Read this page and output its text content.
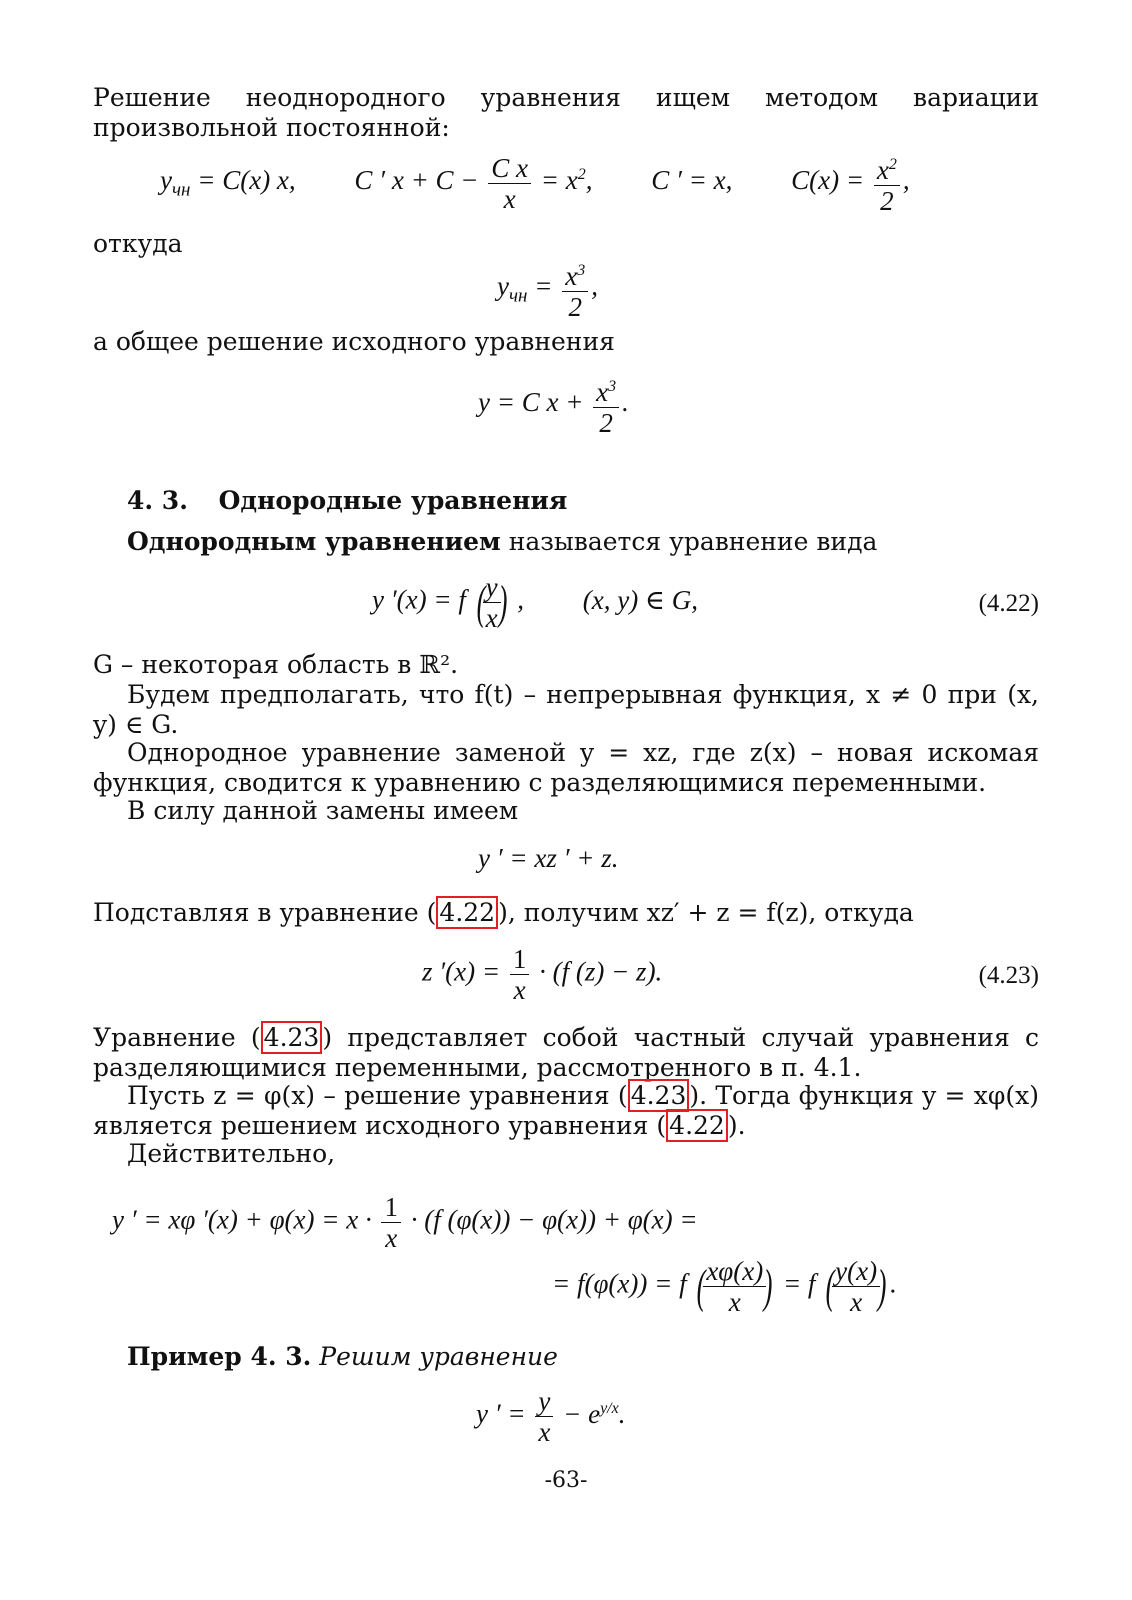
Решение неоднородного уравнения ищем методом вариации произвольной постоянной:

$y_{чн} = C(x)$ x, C ′ $x + C - \frac{\text{C x}}{x} = x^2$, C ′ = x, $C(x) = \frac{x^2}{2}$ ,

откуда

$y_{чн} = \frac{x^3}{2}$ ,

а общее решение исходного уравнения

y = C $x + \frac{x^3}{2}$ .
4. 3. Однородные уравнения

Однородным уравнением называется уравнение вида

y ′(x) = f (
$\frac{y}{x}$
) , (x, y) ∈ G,	(4.22)

G – некоторая область в ℝ².

Будем предполагать, что f(t) – непрерывная функция, x ≠ 0 при (x, y) ∈ G.

Однородное уравнение заменой y = xz, где z(x) – новая искомая функция, сводится к уравнению с разделяющимися переменными.

В силу данной замены имеем

y ′ = xz ′ + z.

Подставляя в уравнение ( 4.22 ), получим xz′ + z = f(z), откуда

z $'(x) = \frac{1}{x} \cdot (f$ (z) − z).	(4.23)

Уравнение ( 4.23 ) представляет собой частный случай уравнения с разделяющимися переменными, рассмотренного в п. 4.1.

Пусть z = φ(x) – решение уравнения ( 4.23 ). Тогда функция y = xφ(x) является решением исходного уравнения ( 4.22 ).

Действительно,

y ′ = xφ $'(x) + \varphi(x) = x \cdot \frac{1}{x} \cdot (f$ (φ(x)) − φ(x)) + φ(x) =
= f(φ(x)) = f (
$\frac{x\varphi(x)}{x}$
) = f (
$\frac{y(x)}{x}$
) .

Пример 4. 3. Решим уравнение

y ′ = $\frac{y}{x} - e^{y/x}$.
-63-
